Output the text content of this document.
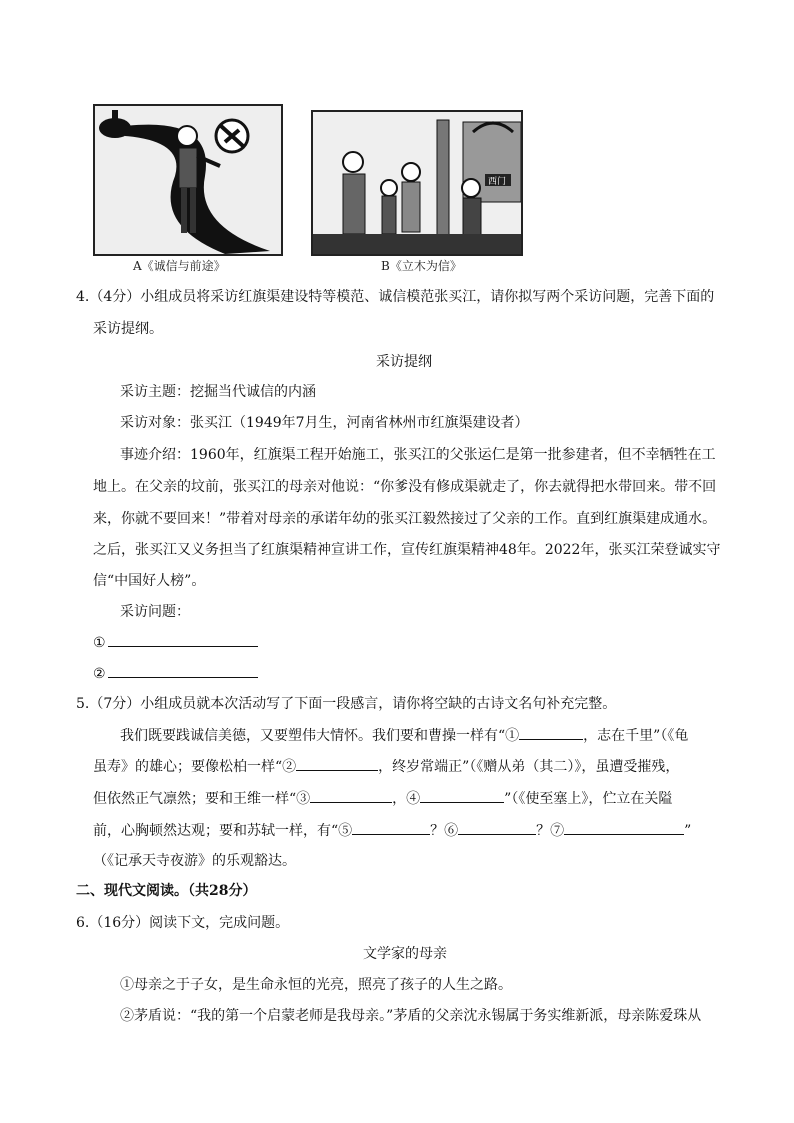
A《诚信与前途》
西门
B《立木为信》
4.（4分）小组成员将采访红旗渠建设特等模范、诚信模范张买江，请你拟写两个采访问题，完善下面的
采访提纲。
采访提纲
采访主题：挖掘当代诚信的内涵
采访对象：张买江（1949年7月生，河南省林州市红旗渠建设者）
事迹介绍：1960年，红旗渠工程开始施工，张买江的父张运仁是第一批参建者，但不幸牺牲在工
地上。在父亲的坟前，张买江的母亲对他说：“你爹没有修成渠就走了，你去就得把水带回来。带不回
来，你就不要回来！”带着对母亲的承诺年幼的张买江毅然接过了父亲的工作。直到红旗渠建成通水。
之后，张买江又义务担当了红旗渠精神宣讲工作，宣传红旗渠精神48年。2022年，张买江荣登诚实守
信“中国好人榜”。
采访问题：
①
②
5.（7分）小组成员就本次活动写了下面一段感言，请你将空缺的古诗文名句补充完整。
我们既要践诚信美德，又要塑伟大情怀。我们要和曹操一样有“①	，志在千里”（《龟
虽寿》的雄心；要像松柏一样“②	，终岁常端正”（《赠从弟（其二）》，虽遭受摧残，
但依然正气凛然；要和王维一样“③	，④	”（《使至塞上》，伫立在关隘
前，心胸顿然达观；要和苏轼一样，有“⑤	？⑥	？⑦	”
（《记承天寺夜游》的乐观豁达。
二、现代文阅读。（共28分）
6.（16分）阅读下文，完成问题。
文学家的母亲
①母亲之于子女，是生命永恒的光亮，照亮了孩子的人生之路。
②茅盾说：“我的第一个启蒙老师是我母亲。”茅盾的父亲沈永锡属于务实维新派，母亲陈爱珠从
